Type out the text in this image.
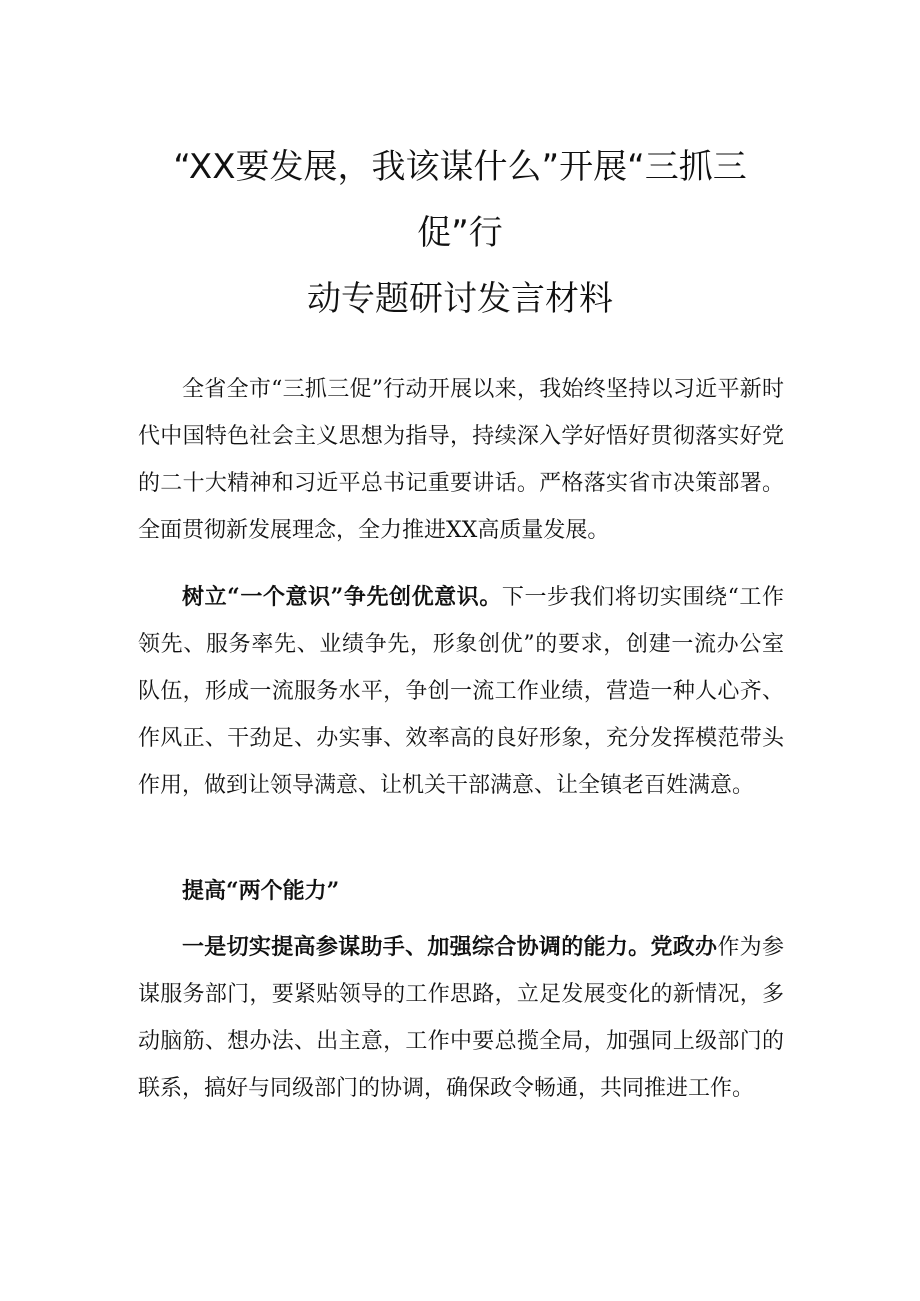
“XX要发展，我该谋什么”开展“三抓三
促”行
动专题研讨发言材料

全省全市“三抓三促”行动开展以来，我始终坚持以习近平新时代中国特色社会主义思想为指导，持续深入学好悟好贯彻落实好党的二十大精神和习近平总书记重要讲话。严格落实省市决策部署。全面贯彻新发展理念，全力推进XX高质量发展。

树立“一个意识”争先创优意识。下一步我们将切实围绕“工作领先、服务率先、业绩争先，形象创优”的要求，创建一流办公室队伍，形成一流服务水平，争创一流工作业绩，营造一种人心齐、作风正、干劲足、办实事、效率高的良好形象，充分发挥模范带头作用，做到让领导满意、让机关干部满意、让全镇老百姓满意。

提高“两个能力”

一是切实提高参谋助手、加强综合协调的能力。党政办作为参谋服务部门，要紧贴领导的工作思路，立足发展变化的新情况，多动脑筋、想办法、出主意，工作中要总揽全局，加强同上级部门的联系，搞好与同级部门的协调，确保政令畅通，共同推进工作。
